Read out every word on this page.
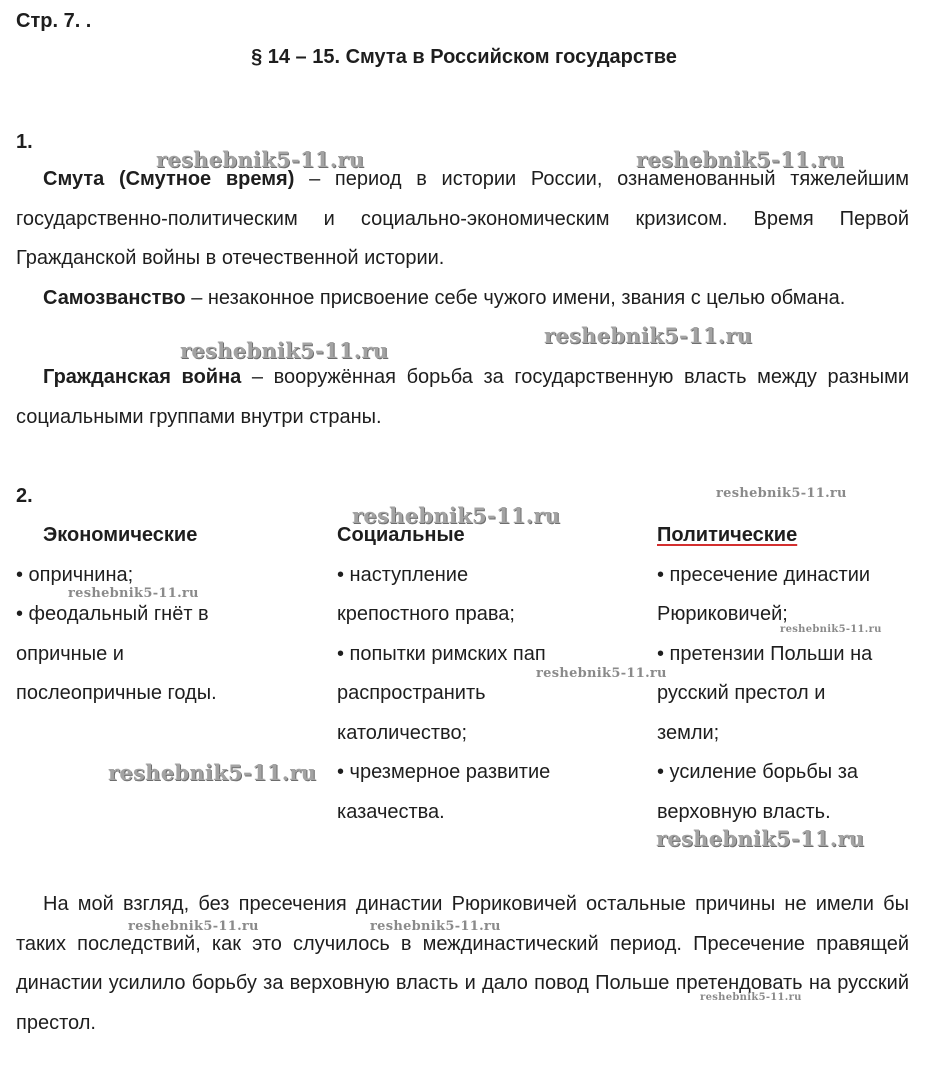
Стр. 7. .
§ 14 – 15. Смута в Российском государстве
1.
Смута (Смутное время) – период в истории России, ознаменованный тяжелейшим государственно-политическим и социально-экономическим кризисом. Время Первой Гражданской войны в отечественной истории.
Самозванство – незаконное присвоение себе чужого имени, звания с целью обмана.
Гражданская война – вооружённая борьба за государственную власть между разными социальными группами внутри страны.
2.
Экономические
• опричнина;
• феодальный гнёт в
опричные и
послеопричные годы.
Социальные
• наступление
крепостного права;
• попытки римских пап
распространить
католичество;
• чрезмерное развитие
казачества.
Политические
• пресечение династии
Рюриковичей;
• претензии Польши на
русский престол и
земли;
• усиление борьбы за
верховную власть.
На мой взгляд, без пресечения династии Рюриковичей остальные причины не имели бы таких последствий, как это случилось в междинастический период. Пресечение правящей династии усилило борьбу за верховную власть и дало повод Польше претендовать на русский престол.
reshebnik5-11.ru	reshebnik5-11.ru
reshebnik5-11.ru
reshebnik5-11.ru
reshebnik5-11.ru
reshebnik5-11.ru
reshebnik5-11.ru
reshebnik5-11.ru
reshebnik5-11.ru
reshebnik5-11.ru
reshebnik5-11.ru
reshebnik5-11.ru	reshebnik5-11.ru
reshebnik5-11.ru
